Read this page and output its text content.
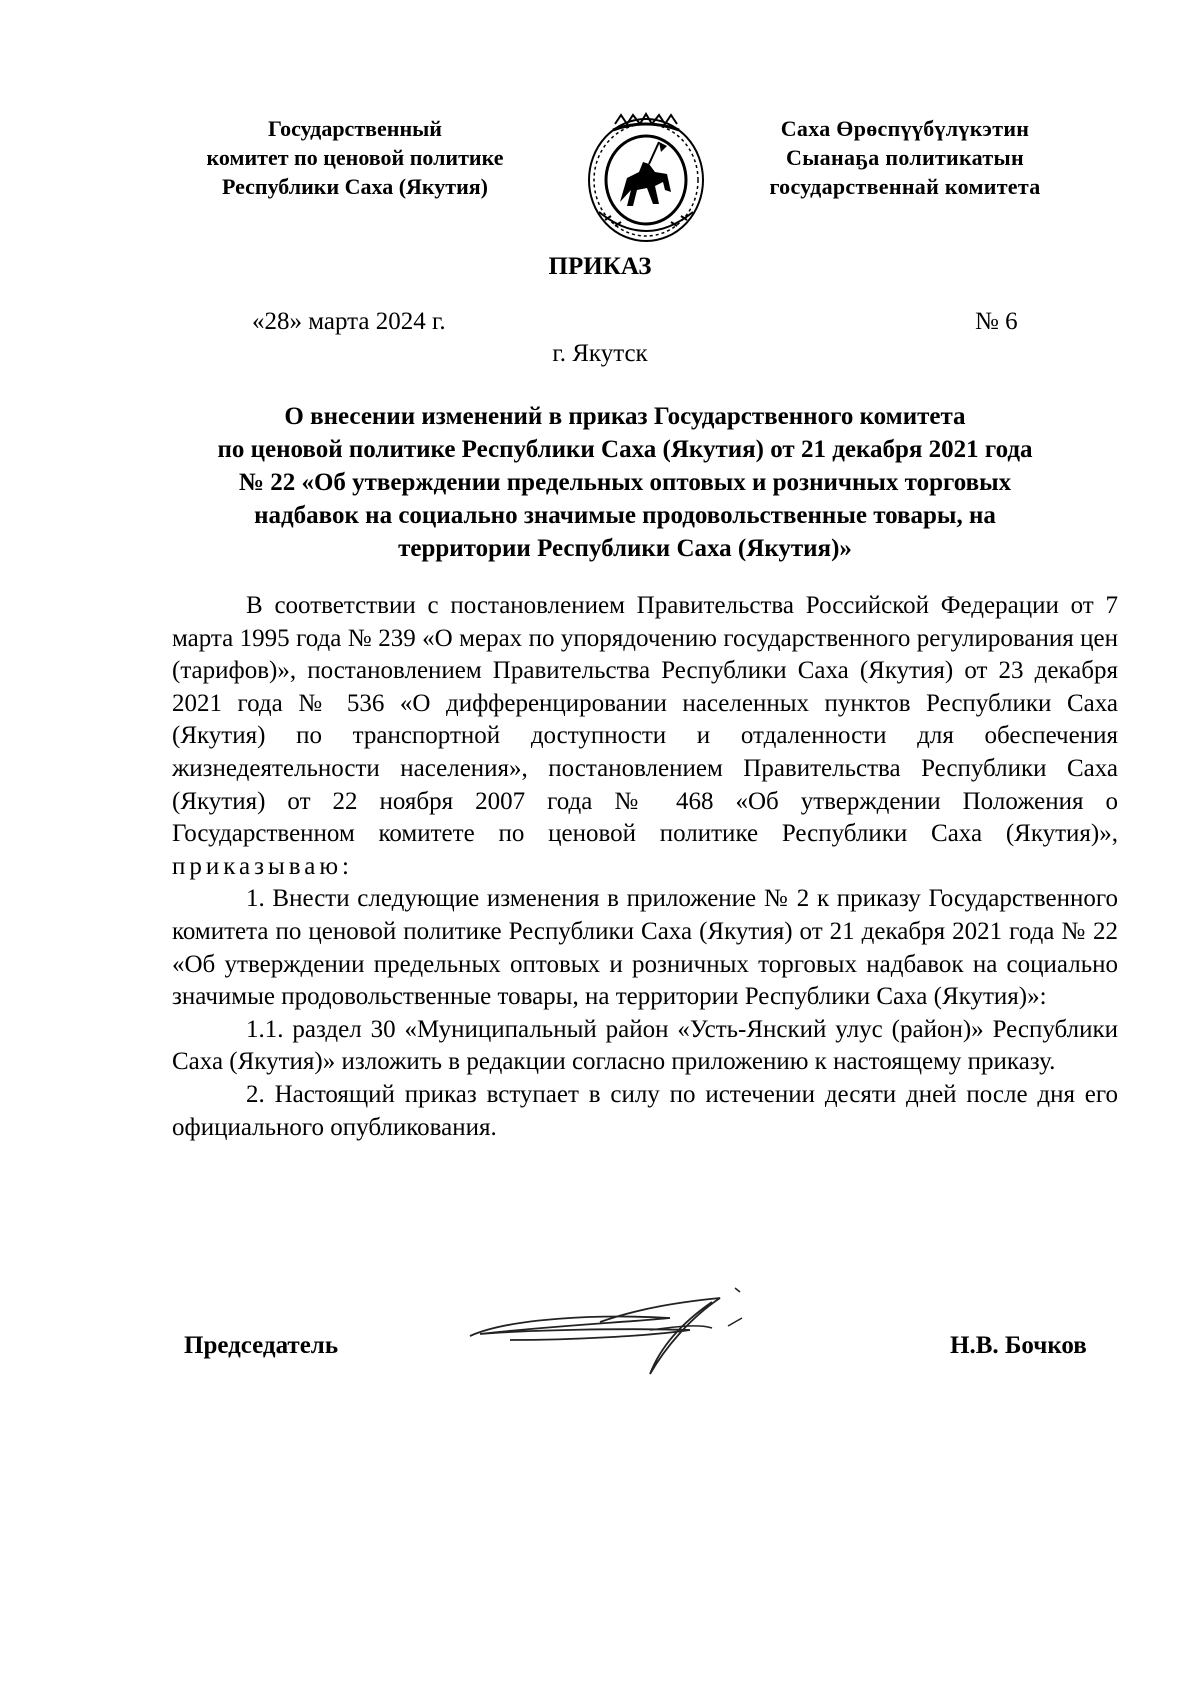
Государственный
комитет по ценовой политике
Республики Саха (Якутия)
Саха Өрөспүүбүлүкэтин
Сыанаҕа политикатын
государственнай комитета
ПРИКАЗ
«28» марта 2024 г.	№ 6
г. Якутск
О внесении изменений в приказ Государственного комитета
по ценовой политике Республики Саха (Якутия) от 21 декабря 2021 года
№ 22 «Об утверждении предельных оптовых и розничных торговых
надбавок на социально значимые продовольственные товары, на
территории Республики Саха (Якутия)»

В соответствии с постановлением Правительства Российской Федерации от 7 марта 1995 года № 239 «О мерах по упорядочению государственного регулирования цен (тарифов)», постановлением Правительства Республики Саха (Якутия) от 23 декабря 2021 года № 536 «О дифференцировании населенных пунктов Республики Саха (Якутия) по транспортной доступности и отдаленности для обеспечения жизнедеятельности населения», постановлением Правительства Республики Саха (Якутия) от 22 ноября 2007 года № 468 «Об утверждении Положения о Государственном комитете по ценовой политике Республики Саха (Якутия)», приказываю:

1. Внести следующие изменения в приложение № 2 к приказу Государственного комитета по ценовой политике Республики Саха (Якутия) от 21 декабря 2021 года № 22 «Об утверждении предельных оптовых и розничных торговых надбавок на социально значимые продовольственные товары, на территории Республики Саха (Якутия)»:

1.1. раздел 30 «Муниципальный район «Усть-Янский улус (район)» Республики Саха (Якутия)» изложить в редакции согласно приложению к настоящему приказу.

2. Настоящий приказ вступает в силу по истечении десяти дней после дня его официального опубликования.

Председатель	Н.В. Бочков
